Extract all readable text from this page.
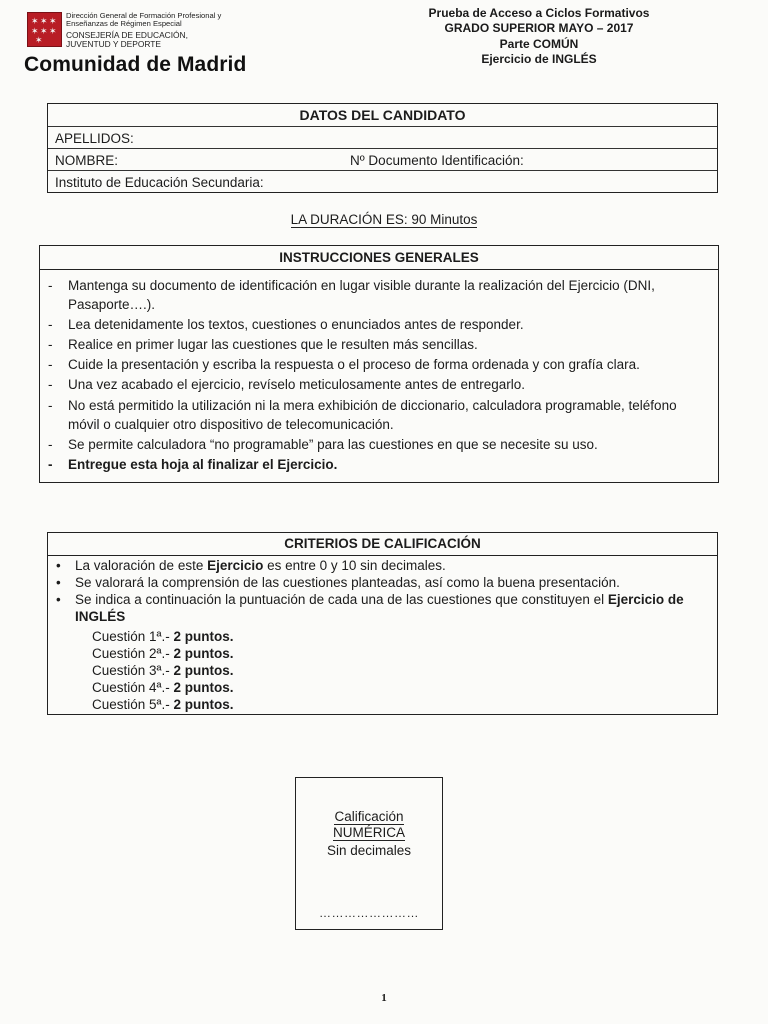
✶ ✶ ✶
✶ ✶ ✶
✶
Dirección General de Formación Profesional y
Enseñanzas de Régimen Especial
CONSEJERÍA DE EDUCACIÓN,
JUVENTUD Y DEPORTE
Comunidad de Madrid
Prueba de Acceso a Ciclos Formativos
GRADO SUPERIOR MAYO – 2017
Parte COMÚN
Ejercicio de INGLÉS
DATOS DEL CANDIDATO
APELLIDOS:
NOMBRE:	Nº Documento Identificación:
Instituto de Educación Secundaria:
LA DURACIÓN ES: 90 Minutos
INSTRUCCIONES GENERALES
- Mantenga su documento de identificación en lugar visible durante la realización del Ejercicio (DNI, Pasaporte….).
- Lea detenidamente los textos, cuestiones o enunciados antes de responder.
- Realice en primer lugar las cuestiones que le resulten más sencillas.
- Cuide la presentación y escriba la respuesta o el proceso de forma ordenada y con grafía clara.
- Una vez acabado el ejercicio, revíselo meticulosamente antes de entregarlo.
- No está permitido la utilización ni la mera exhibición de diccionario, calculadora programable, teléfono móvil o cualquier otro dispositivo de telecomunicación.
- Se permite calculadora “no programable” para las cuestiones en que se necesite su uso.
- Entregue esta hoja al finalizar el Ejercicio.
CRITERIOS DE CALIFICACIÓN
• La valoración de este Ejercicio es entre 0 y 10 sin decimales.
• Se valorará la comprensión de las cuestiones planteadas, así como la buena presentación.
• Se indica a continuación la puntuación de cada una de las cuestiones que constituyen el Ejercicio de INGLÉS
Cuestión 1ª.- 2 puntos.
Cuestión 2ª.- 2 puntos.
Cuestión 3ª.- 2 puntos.
Cuestión 4ª.- 2 puntos.
Cuestión 5ª.- 2 puntos.
Calificación
NUMÉRICA
Sin decimales
……………………
1
